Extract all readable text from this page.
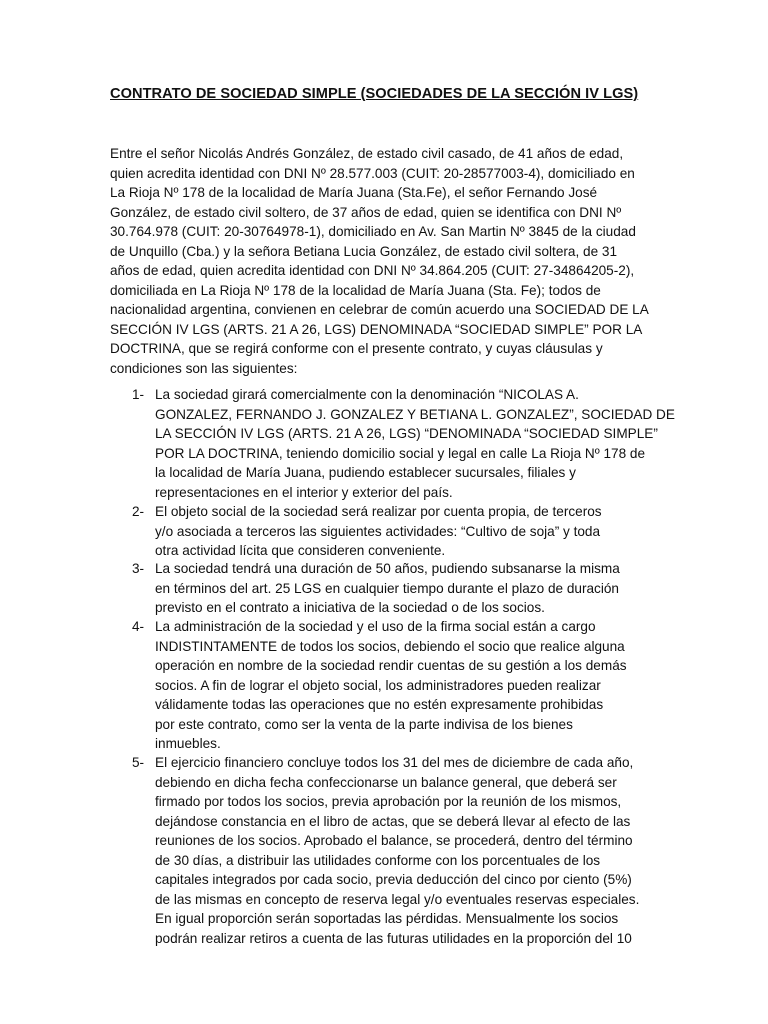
CONTRATO DE SOCIEDAD SIMPLE (SOCIEDADES DE LA SECCIÓN IV LGS)
Entre el señor Nicolás Andrés González, de estado civil casado, de 41 años de edad,
quien acredita identidad con DNI Nº 28.577.003 (CUIT: 20-28577003-4), domiciliado en
La Rioja Nº 178 de la localidad de María Juana (Sta.Fe), el señor Fernando José
González, de estado civil soltero, de 37 años de edad, quien se identifica con DNI Nº
30.764.978 (CUIT: 20-30764978-1), domiciliado en Av. San Martin Nº 3845 de la ciudad
de Unquillo (Cba.) y la señora Betiana Lucia González, de estado civil soltera, de 31
años de edad, quien acredita identidad con DNI Nº 34.864.205 (CUIT: 27-34864205-2),
domiciliada en La Rioja Nº 178 de la localidad de María Juana (Sta. Fe); todos de
nacionalidad argentina, convienen en celebrar de común acuerdo una SOCIEDAD DE LA
SECCIÓN IV LGS (ARTS. 21 A 26, LGS) DENOMINADA “SOCIEDAD SIMPLE” POR LA
DOCTRINA, que se regirá conforme con el presente contrato, y cuyas cláusulas y
condiciones son las siguientes:
1- La sociedad girará comercialmente con la denominación “NICOLAS A.
GONZALEZ, FERNANDO J. GONZALEZ Y BETIANA L. GONZALEZ”, SOCIEDAD DE
LA SECCIÓN IV LGS (ARTS. 21 A 26, LGS) “DENOMINADA “SOCIEDAD SIMPLE”
POR LA DOCTRINA, teniendo domicilio social y legal en calle La Rioja Nº 178 de
la localidad de María Juana, pudiendo establecer sucursales, filiales y
representaciones en el interior y exterior del país.
2- El objeto social de la sociedad será realizar por cuenta propia, de terceros
y/o asociada a terceros las siguientes actividades: “Cultivo de soja” y toda
otra actividad lícita que consideren conveniente.
3- La sociedad tendrá una duración de 50 años, pudiendo subsanarse la misma
en términos del art. 25 LGS en cualquier tiempo durante el plazo de duración
previsto en el contrato a iniciativa de la sociedad o de los socios.
4- La administración de la sociedad y el uso de la firma social están a cargo
INDISTINTAMENTE de todos los socios, debiendo el socio que realice alguna
operación en nombre de la sociedad rendir cuentas de su gestión a los demás
socios. A fin de lograr el objeto social, los administradores pueden realizar
válidamente todas las operaciones que no estén expresamente prohibidas
por este contrato, como ser la venta de la parte indivisa de los bienes
inmuebles.
5- El ejercicio financiero concluye todos los 31 del mes de diciembre de cada año,
debiendo en dicha fecha confeccionarse un balance general, que deberá ser
firmado por todos los socios, previa aprobación por la reunión de los mismos,
dejándose constancia en el libro de actas, que se deberá llevar al efecto de las
reuniones de los socios. Aprobado el balance, se procederá, dentro del término
de 30 días, a distribuir las utilidades conforme con los porcentuales de los
capitales integrados por cada socio, previa deducción del cinco por ciento (5%)
de las mismas en concepto de reserva legal y/o eventuales reservas especiales.
En igual proporción serán soportadas las pérdidas. Mensualmente los socios
podrán realizar retiros a cuenta de las futuras utilidades en la proporción del 10
